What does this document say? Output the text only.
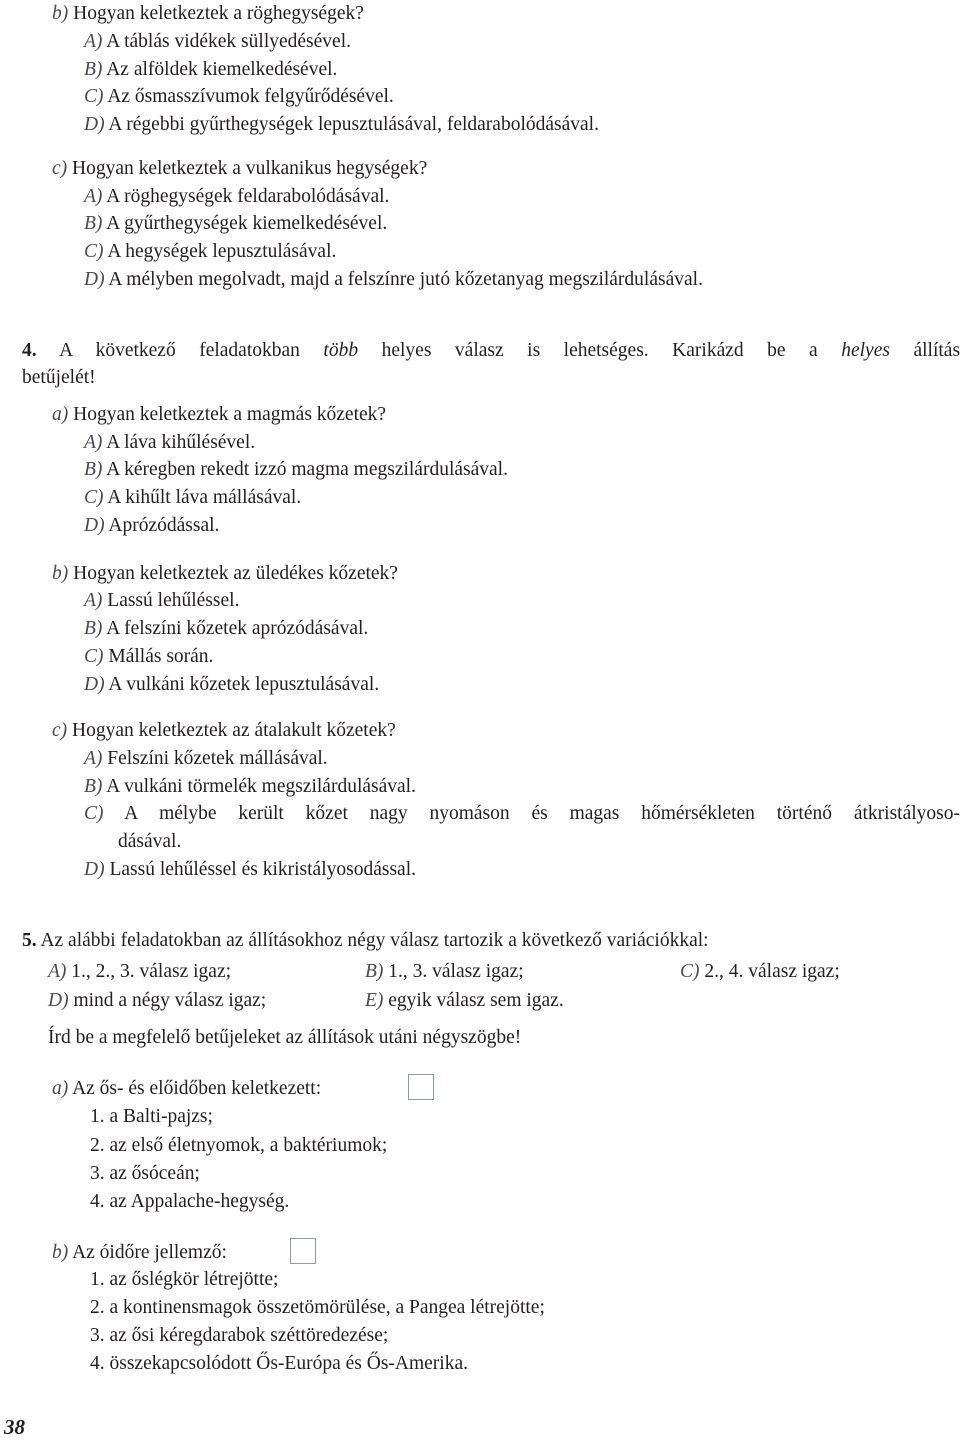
b) Hogyan keletkeztek a röghegységek?
A) A táblás vidékek süllyedésével.
B) Az alföldek kiemelkedésével.
C) Az ősmasszívumok felgyűrődésével.
D) A régebbi gyűrthegységek lepusztulásával, feldarabolódásával.
c) Hogyan keletkeztek a vulkanikus hegységek?
A) A röghegységek feldarabolódásával.
B) A gyűrthegységek kiemelkedésével.
C) A hegységek lepusztulásával.
D) A mélyben megolvadt, majd a felszínre jutó kőzetanyag megszilárdulásával.
4. A következő feladatokban több helyes válasz is lehetséges. Karikázd be a helyes állítás
betűjelét!
a) Hogyan keletkeztek a magmás kőzetek?
A) A láva kihűlésével.
B) A kéregben rekedt izzó magma megszilárdulásával.
C) A kihűlt láva mállásával.
D) Aprózódással.
b) Hogyan keletkeztek az üledékes kőzetek?
A) Lassú lehűléssel.
B) A felszíni kőzetek aprózódásával.
C) Mállás során.
D) A vulkáni kőzetek lepusztulásával.
c) Hogyan keletkeztek az átalakult kőzetek?
A) Felszíni kőzetek mállásával.
B) A vulkáni törmelék megszilárdulásával.
C) A mélybe került kőzet nagy nyomáson és magas hőmérsékleten történő átkristályoso-
dásával.
D) Lassú lehűléssel és kikristályosodással.
5. Az alábbi feladatokban az állításokhoz négy válasz tartozik a következő variációkkal:
A) 1., 2., 3. válasz igaz;	B) 1., 3. válasz igaz;	C) 2., 4. válasz igaz;
D) mind a négy válasz igaz;	E) egyik válasz sem igaz.
Írd be a megfelelő betűjeleket az állítások utáni négyszögbe!
a) Az ős- és előidőben keletkezett:
1. a Balti-pajzs;
2. az első életnyomok, a baktériumok;
3. az ősóceán;
4. az Appalache-hegység.
b) Az óidőre jellemző:
1. az őslégkör létrejötte;
2. a kontinensmagok összetömörülése, a Pangea létrejötte;
3. az ősi kéregdarabok széttöredezése;
4. összekapcsolódott Ős-Európa és Ős-Amerika.
38
